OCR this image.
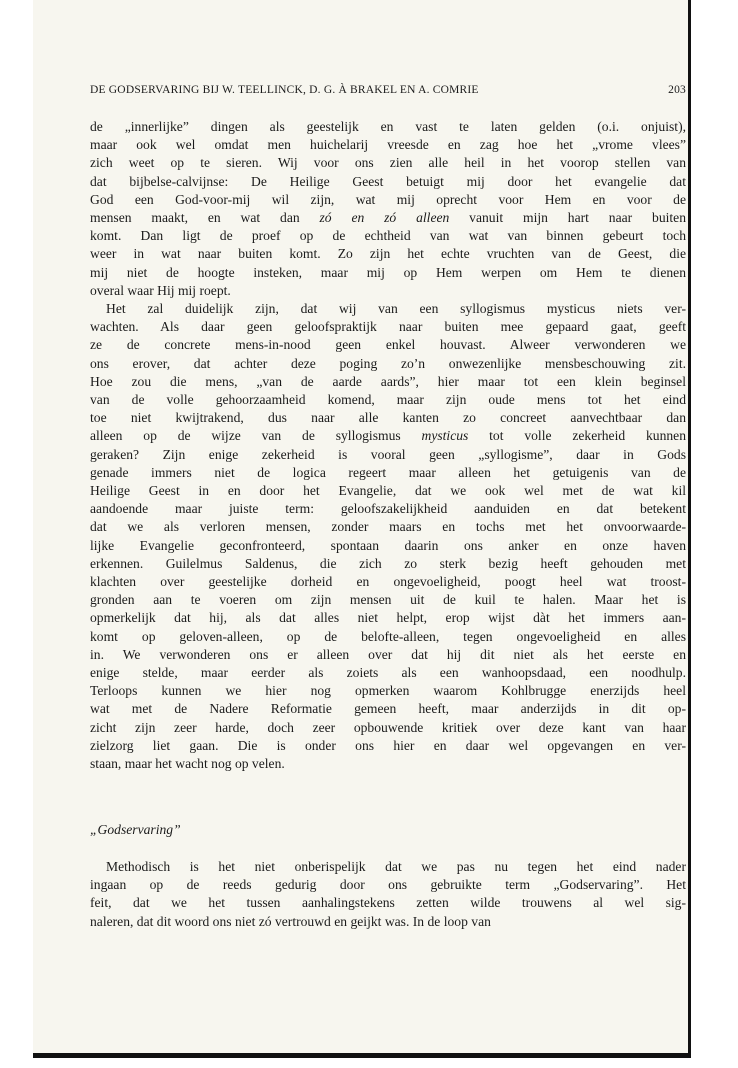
DE GODSERVARING BIJ W. TEELLINCK, D. G. À BRAKEL EN A. COMRIE	203
de „innerlijke” dingen als geestelijk en vast te laten gelden (o.i. onjuist),
maar ook wel omdat men huichelarij vreesde en zag hoe het „vrome vlees”
zich weet op te sieren. Wij voor ons zien alle heil in het voorop stellen van
dat bijbelse-calvijnse: De Heilige Geest betuigt mij door het evangelie dat
God een God-voor-mij wil zijn, wat mij oprecht voor Hem en voor de
mensen maakt, en wat dan zó en zó alleen vanuit mijn hart naar buiten
komt. Dan ligt de proef op de echtheid van wat van binnen gebeurt toch
weer in wat naar buiten komt. Zo zijn het echte vruchten van de Geest, die
mij niet de hoogte insteken, maar mij op Hem werpen om Hem te dienen
overal waar Hij mij roept.
Het zal duidelijk zijn, dat wij van een syllogismus mysticus niets ver-
wachten. Als daar geen geloofspraktijk naar buiten mee gepaard gaat, geeft
ze de concrete mens-in-nood geen enkel houvast. Alweer verwonderen we
ons erover, dat achter deze poging zo’n onwezenlijke mensbeschouwing zit.
Hoe zou die mens, „van de aarde aards”, hier maar tot een klein beginsel
van de volle gehoorzaamheid komend, maar zijn oude mens tot het eind
toe niet kwijtrakend, dus naar alle kanten zo concreet aanvechtbaar dan
alleen op de wijze van de syllogismus mysticus tot volle zekerheid kunnen
geraken? Zijn enige zekerheid is vooral geen „syllogisme”, daar in Gods
genade immers niet de logica regeert maar alleen het getuigenis van de
Heilige Geest in en door het Evangelie, dat we ook wel met de wat kil
aandoende maar juiste term: geloofszakelijkheid aanduiden en dat betekent
dat we als verloren mensen, zonder maars en tochs met het onvoorwaarde-
lijke Evangelie geconfronteerd, spontaan daarin ons anker en onze haven
erkennen. Guilelmus Saldenus, die zich zo sterk bezig heeft gehouden met
klachten over geestelijke dorheid en ongevoeligheid, poogt heel wat troost-
gronden aan te voeren om zijn mensen uit de kuil te halen. Maar het is
opmerkelijk dat hij, als dat alles niet helpt, erop wijst dàt het immers aan-
komt op geloven-alleen, op de belofte-alleen, tegen ongevoeligheid en alles
in. We verwonderen ons er alleen over dat hij dit niet als het eerste en
enige stelde, maar eerder als zoiets als een wanhoopsdaad, een noodhulp.
Terloops kunnen we hier nog opmerken waarom Kohlbrugge enerzijds heel
wat met de Nadere Reformatie gemeen heeft, maar anderzijds in dit op-
zicht zijn zeer harde, doch zeer opbouwende kritiek over deze kant van haar
zielzorg liet gaan. Die is onder ons hier en daar wel opgevangen en ver-
staan, maar het wacht nog op velen.
„Godservaring”
Methodisch is het niet onberispelijk dat we pas nu tegen het eind nader
ingaan op de reeds gedurig door ons gebruikte term „Godservaring”. Het
feit, dat we het tussen aanhalingstekens zetten wilde trouwens al wel sig-
naleren, dat dit woord ons niet zó vertrouwd en geijkt was. In de loop van
